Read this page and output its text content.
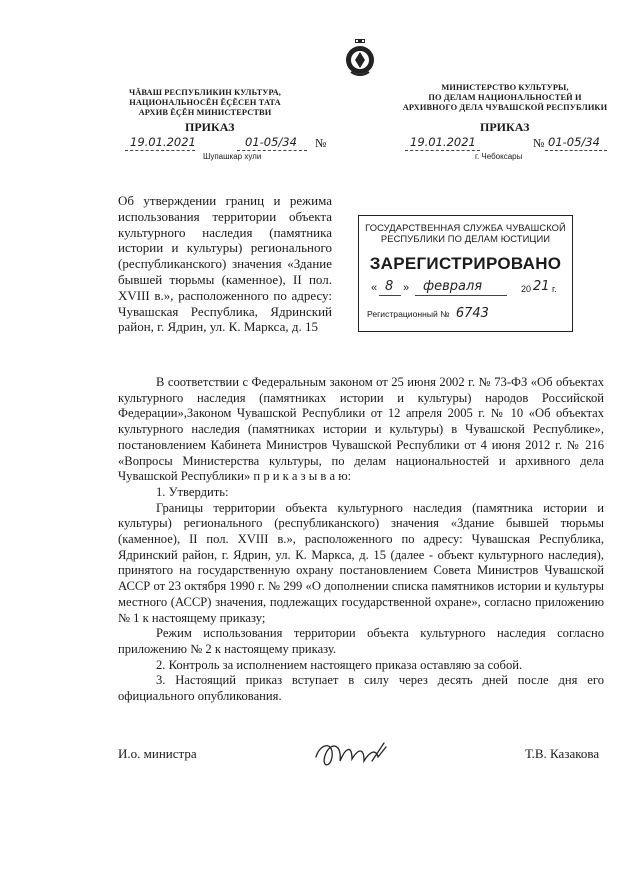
ЧĂВАШ РЕСПУБЛИКИН КУЛЬТУРА,
НАЦИОНАЛЬНОСĔН ĔÇĔСЕН ТАТА
АРХИВ ĔÇĔН МИНИСТЕРСТВИ
ПРИКАЗ
19.01.2021	01-05/34 №
Шупашкар хули
МИНИСТЕРСТВО КУЛЬТУРЫ,
ПО ДЕЛАМ НАЦИОНАЛЬНОСТЕЙ И
АРХИВНОГО ДЕЛА ЧУВАШСКОЙ РЕСПУБЛИКИ
ПРИКАЗ
19.01.2021	№ 01-05/34
г. Чебоксары
Об утверждении границ и режима использования территории объекта культурного наследия (памятника истории и культуры) регионального (республиканского) значения «Здание бывшей тюрьмы (каменное), II пол. XVIII в.», расположенного по адресу: Чувашская Республика, Ядринский район, г. Ядрин, ул. К. Маркса, д. 15
ГОСУДАРСТВЕННАЯ СЛУЖБА ЧУВАШСКОЙ
РЕСПУБЛИКИ ПО ДЕЛАМ ЮСТИЦИИ
ЗАРЕГИСТРИРОВАНО
« 8 » февраля	20 21 г.
Регистрационный № 6743

В соответствии с Федеральным законом от 25 июня 2002 г. № 73-ФЗ «Об объектах культурного наследия (памятниках истории и культуры) народов Российской Федерации»,Законом Чувашской Республики от 12 апреля 2005 г. № 10 «Об объектах культурного наследия (памятниках истории и культуры) в Чувашской Республике», постановлением Кабинета Министров Чувашской Республики от 4 июня 2012 г. № 216 «Вопросы Министерства культуры, по делам национальностей и архивного дела Чувашской Республики» п р и к а з ы в а ю:

1. Утвердить:

Границы территории объекта культурного наследия (памятника истории и культуры) регионального (республиканского) значения «Здание бывшей тюрьмы (каменное), II пол. XVIII в.», расположенного по адресу: Чувашская Республика, Ядринский район, г. Ядрин, ул. К. Маркса, д. 15 (далее - объект культурного наследия), принятого на государственную охрану постановлением Совета Министров Чувашской АССР от 23 октября 1990 г. № 299 «О дополнении списка памятников истории и культуры местного (АССР) значения, подлежащих государственной охране», согласно приложению № 1 к настоящему приказу;

Режим использования территории объекта культурного наследия согласно приложению № 2 к настоящему приказу.

2. Контроль за исполнением настоящего приказа оставляю за собой.

3. Настоящий приказ вступает в силу через десять дней после дня его официального опубликования.

И.о. министра	Т.В. Казакова
